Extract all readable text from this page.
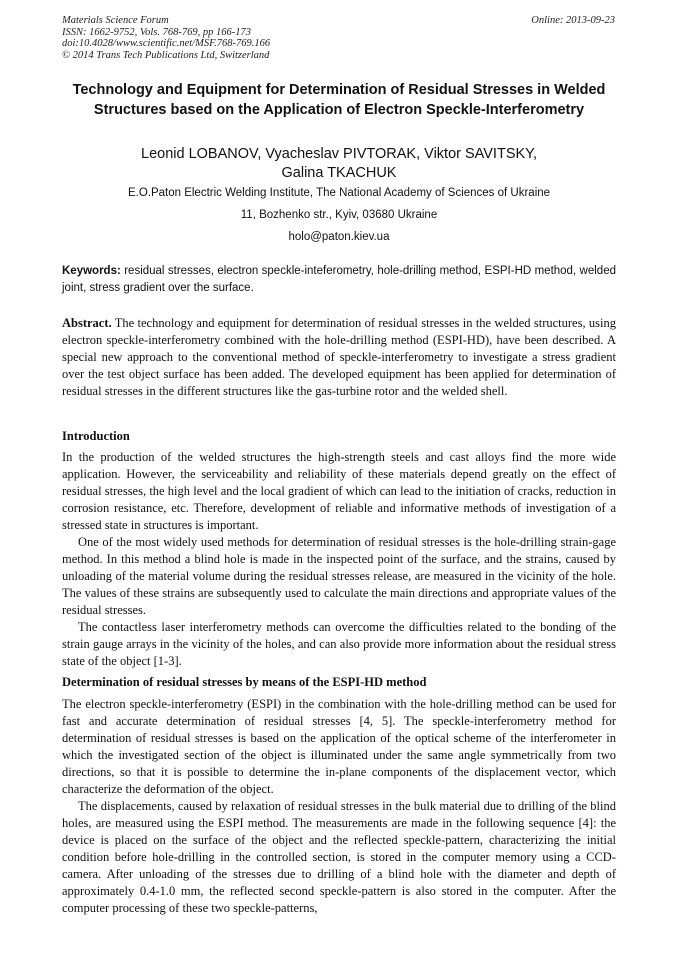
Materials Science Forum
ISSN: 1662-9752, Vols. 768-769, pp 166-173
doi:10.4028/www.scientific.net/MSF.768-769.166
© 2014 Trans Tech Publications Ltd, Switzerland
Online: 2013-09-23
Technology and Equipment for Determination of Residual Stresses in Welded Structures based on the Application of Electron Speckle-Interferometry
Leonid LOBANOV, Vyacheslav PIVTORAK, Viktor SAVITSKY,
Galina TKACHUK
E.O.Paton Electric Welding Institute, The National Academy of Sciences of Ukraine
11, Bozhenko str., Kyiv, 03680 Ukraine
holo@paton.kiev.ua
Keywords: residual stresses, electron speckle-inteferometry, hole-drilling method, ESPI-HD method, welded joint, stress gradient over the surface.

Abstract. The technology and equipment for determination of residual stresses in the welded structures, using electron speckle-interferometry combined with the hole-drilling method (ESPI-HD), have been described. A special new approach to the conventional method of speckle-interferometry to investigate a stress gradient over the test object surface has been added. The developed equipment has been applied for determination of residual stresses in the different structures like the gas-turbine rotor and the welded shell.

Introduction

In the production of the welded structures the high-strength steels and cast alloys find the more wide application. However, the serviceability and reliability of these materials depend greatly on the effect of residual stresses, the high level and the local gradient of which can lead to the initiation of cracks, reduction in corrosion resistance, etc. Therefore, development of reliable and informative methods of investigation of a stressed state in structures is important.

One of the most widely used methods for determination of residual stresses is the hole-drilling strain-gage method. In this method a blind hole is made in the inspected point of the surface, and the strains, caused by unloading of the material volume during the residual stresses release, are measured in the vicinity of the hole. The values of these strains are subsequently used to calculate the main directions and appropriate values of the residual stresses.

The contactless laser interferometry methods can overcome the difficulties related to the bonding of the strain gauge arrays in the vicinity of the holes, and can also provide more information about the residual stress state of the object [1-3].

Determination of residual stresses by means of the ESPI-HD method

The electron speckle-interferometry (ESPI) in the combination with the hole-drilling method can be used for fast and accurate determination of residual stresses [4, 5]. The speckle-interferometry method for determination of residual stresses is based on the application of the optical scheme of the interferometer in which the investigated section of the object is illuminated under the same angle symmetrically from two directions, so that it is possible to determine the in-plane components of the displacement vector, which characterize the deformation of the object.

The displacements, caused by relaxation of residual stresses in the bulk material due to drilling of the blind holes, are measured using the ESPI method. The measurements are made in the following sequence [4]: the device is placed on the surface of the object and the reflected speckle-pattern, characterizing the initial condition before hole-drilling in the controlled section, is stored in the computer memory using a CCD-camera. After unloading of the stresses due to drilling of a blind hole with the diameter and depth of approximately 0.4-1.0 mm, the reflected second speckle-pattern is also stored in the computer. After the computer processing of these two speckle-patterns,
